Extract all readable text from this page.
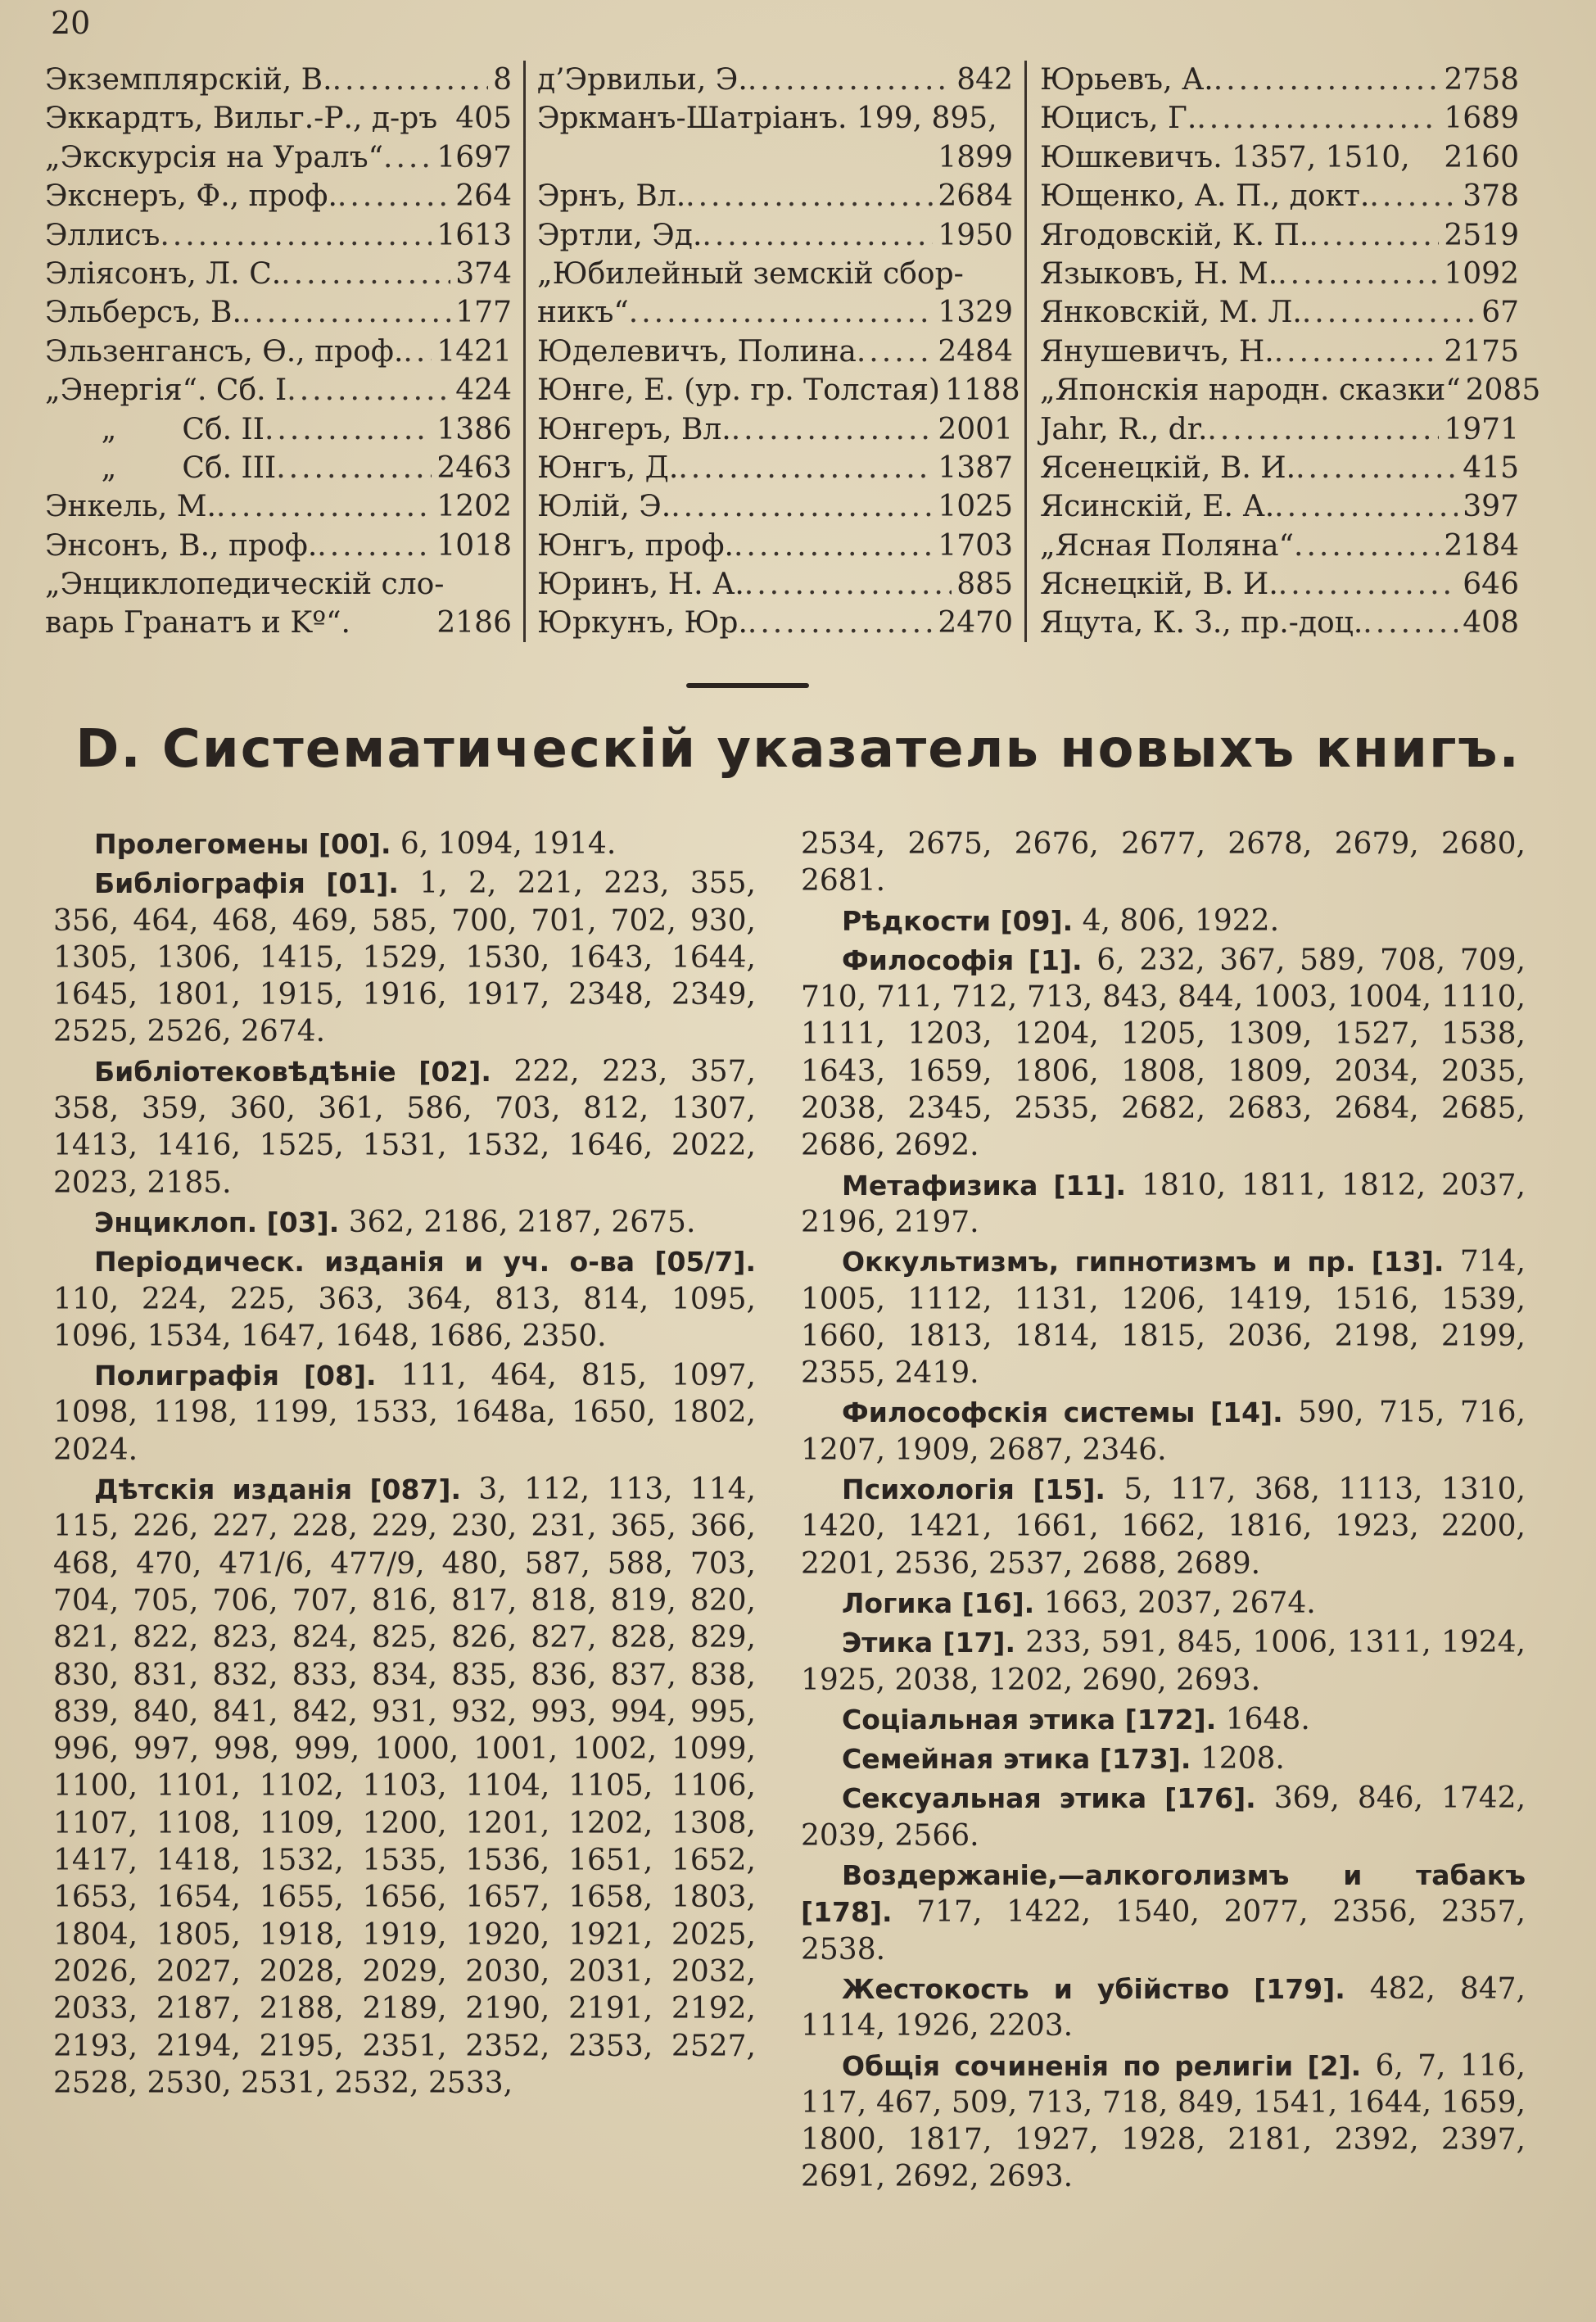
20
Экземплярскій, В. .....	8
Эккардтъ, Вильг.-Р., д-ръ 405
„Экскурсія на Уралъ“ ..... 1697
Экснеръ, Ф., проф. .....	264
Эллисъ .....	1613
Эліясонъ, Л. С. .....	374
Эльберсъ, В. .....	177
Эльзенгансъ, Ѳ., проф. ..... 1421
„Энергія“. Сб. I .....	424
„       Сб. II .....	1386
„       Сб. III .....	2463
Энкель, М. .....	1202
Энсонъ, В., проф. .....	1018
„Энциклопедическій сло-
варь Гранатъ и Kº“.	2186
д’Эрвильи, Э. .....	842
Эркманъ-Шатріанъ. 199, 895,
1899
Эрнъ, Вл. .....	2684
Эртли, Эд. .....	1950
„Юбилейный земскій сбор-
никъ“ .....	1329
Юделевичъ, Полина .....	2484
Юнге, Е. (ур. гр. Толстая) 1188
Юнгеръ, Вл. .....	2001
Юнгъ, Д. .....	1387
Юлій, Э. .....	1025
Юнгъ, проф. .....	1703
Юринъ, Н. А. .....	885
Юркунъ, Юр. .....	2470
Юрьевъ, А. .....	2758
Юцисъ, Г. .....	1689
Юшкевичъ. 1357, 1510, 2160
Ющенко, А. П., докт. .....	378
Ягодовскій, К. П. .....	2519
Языковъ, Н. М. .....	1092
Янковскій, М. Л. .....	67
Янушевичъ, Н. .....	2175
„Японскія народн. сказки“ 2085
Jahr, R., dr. .....	1971
Ясенецкій, В. И. .....	415
Ясинскій, Е. А. .....	397
„Ясная Поляна“ .....	2184
Яснецкій, В. И. .....	646
Яцута, К. З., пр.-доц. .....	408
D. Систематическій указатель новыхъ книгъ.

Пролегомены [00]. 6, 1094, 1914.

Библіографія [01]. 1, 2, 221, 223, 355, 356, 464, 468, 469, 585, 700, 701, 702, 930, 1305, 1306, 1415, 1529, 1530, 1643, 1644, 1645, 1801, 1915, 1916, 1917, 2348, 2349, 2525, 2526, 2674.

Библіотековѣдѣніе [02]. 222, 223, 357, 358, 359, 360, 361, 586, 703, 812, 1307, 1413, 1416, 1525, 1531, 1532, 1646, 2022, 2023, 2185.

Энциклоп. [03]. 362, 2186, 2187, 2675.

Періодическ. изданія и уч. о-ва [05/7]. 110, 224, 225, 363, 364, 813, 814, 1095, 1096, 1534, 1647, 1648, 1686, 2350.

Полиграфія [08]. 111, 464, 815, 1097, 1098, 1198, 1199, 1533, 1648а, 1650, 1802, 2024.

Дѣтскія изданія [087]. 3, 112, 113, 114, 115, 226, 227, 228, 229, 230, 231, 365, 366, 468, 470, 471/6, 477/9, 480, 587, 588, 703, 704, 705, 706, 707, 816, 817, 818, 819, 820, 821, 822, 823, 824, 825, 826, 827, 828, 829, 830, 831, 832, 833, 834, 835, 836, 837, 838, 839, 840, 841, 842, 931, 932, 993, 994, 995, 996, 997, 998, 999, 1000, 1001, 1002, 1099, 1100, 1101, 1102, 1103, 1104, 1105, 1106, 1107, 1108, 1109, 1200, 1201, 1202, 1308, 1417, 1418, 1532, 1535, 1536, 1651, 1652, 1653, 1654, 1655, 1656, 1657, 1658, 1803, 1804, 1805, 1918, 1919, 1920, 1921, 2025, 2026, 2027, 2028, 2029, 2030, 2031, 2032, 2033, 2187, 2188, 2189, 2190, 2191, 2192, 2193, 2194, 2195, 2351, 2352, 2353, 2527, 2528, 2530, 2531, 2532, 2533,

2534, 2675, 2676, 2677, 2678, 2679, 2680, 2681.

Рѣдкости [09]. 4, 806, 1922.

Философія [1]. 6, 232, 367, 589, 708, 709, 710, 711, 712, 713, 843, 844, 1003, 1004, 1110, 1111, 1203, 1204, 1205, 1309, 1527, 1538, 1643, 1659, 1806, 1808, 1809, 2034, 2035, 2038, 2345, 2535, 2682, 2683, 2684, 2685, 2686, 2692.

Метафизика [11]. 1810, 1811, 1812, 2037, 2196, 2197.

Оккультизмъ, гипнотизмъ и пр. [13]. 714, 1005, 1112, 1131, 1206, 1419, 1516, 1539, 1660, 1813, 1814, 1815, 2036, 2198, 2199, 2355, 2419.

Философскія системы [14]. 590, 715, 716, 1207, 1909, 2687, 2346.

Психологія [15]. 5, 117, 368, 1113, 1310, 1420, 1421, 1661, 1662, 1816, 1923, 2200, 2201, 2536, 2537, 2688, 2689.

Логика [16]. 1663, 2037, 2674.

Этика [17]. 233, 591, 845, 1006, 1311, 1924, 1925, 2038, 1202, 2690, 2693.

Соціальная этика [172]. 1648.

Семейная этика [173]. 1208.

Сексуальная этика [176]. 369, 846, 1742, 2039, 2566.

Воздержаніе,—алкоголизмъ и табакъ [178]. 717, 1422, 1540, 2077, 2356, 2357, 2538.

Жестокость и убійство [179]. 482, 847, 1114, 1926, 2203.

Общія сочиненія по религіи [2]. 6, 7, 116, 117, 467, 509, 713, 718, 849, 1541, 1644, 1659, 1800, 1817, 1927, 1928, 2181, 2392, 2397, 2691, 2692, 2693.
